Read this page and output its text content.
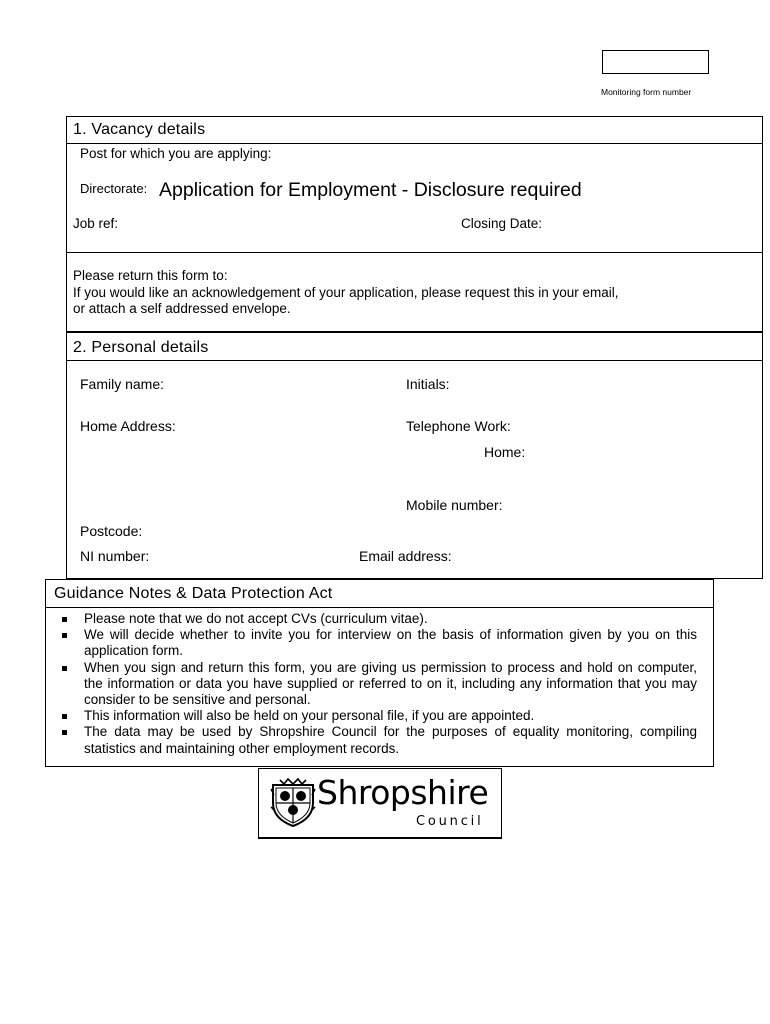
Monitoring form number
1. Vacancy details
Post for which you are applying:
Directorate: Application for Employment - Disclosure required
Job ref:	Closing Date:
Please return this form to:
If you would like an acknowledgement of your application, please request this in your email,
or attach a self addressed envelope.
2. Personal details
Family name:	Initials:
Home Address:	Telephone Work:
Home:
Mobile number:
Postcode:
NI number:	Email address:
Guidance Notes & Data Protection Act
Please note that we do not accept CVs (curriculum vitae).
We will decide whether to invite you for interview on the basis of information given by you on this application form.
When you sign and return this form, you are giving us permission to process and hold on computer, the information or data you have supplied or referred to on it, including any information that you may consider to be sensitive and personal.
This information will also be held on your personal file, if you are appointed.
The data may be used by Shropshire Council for the purposes of equality monitoring, compiling statistics and maintaining other employment records.
Shropshire
Council
